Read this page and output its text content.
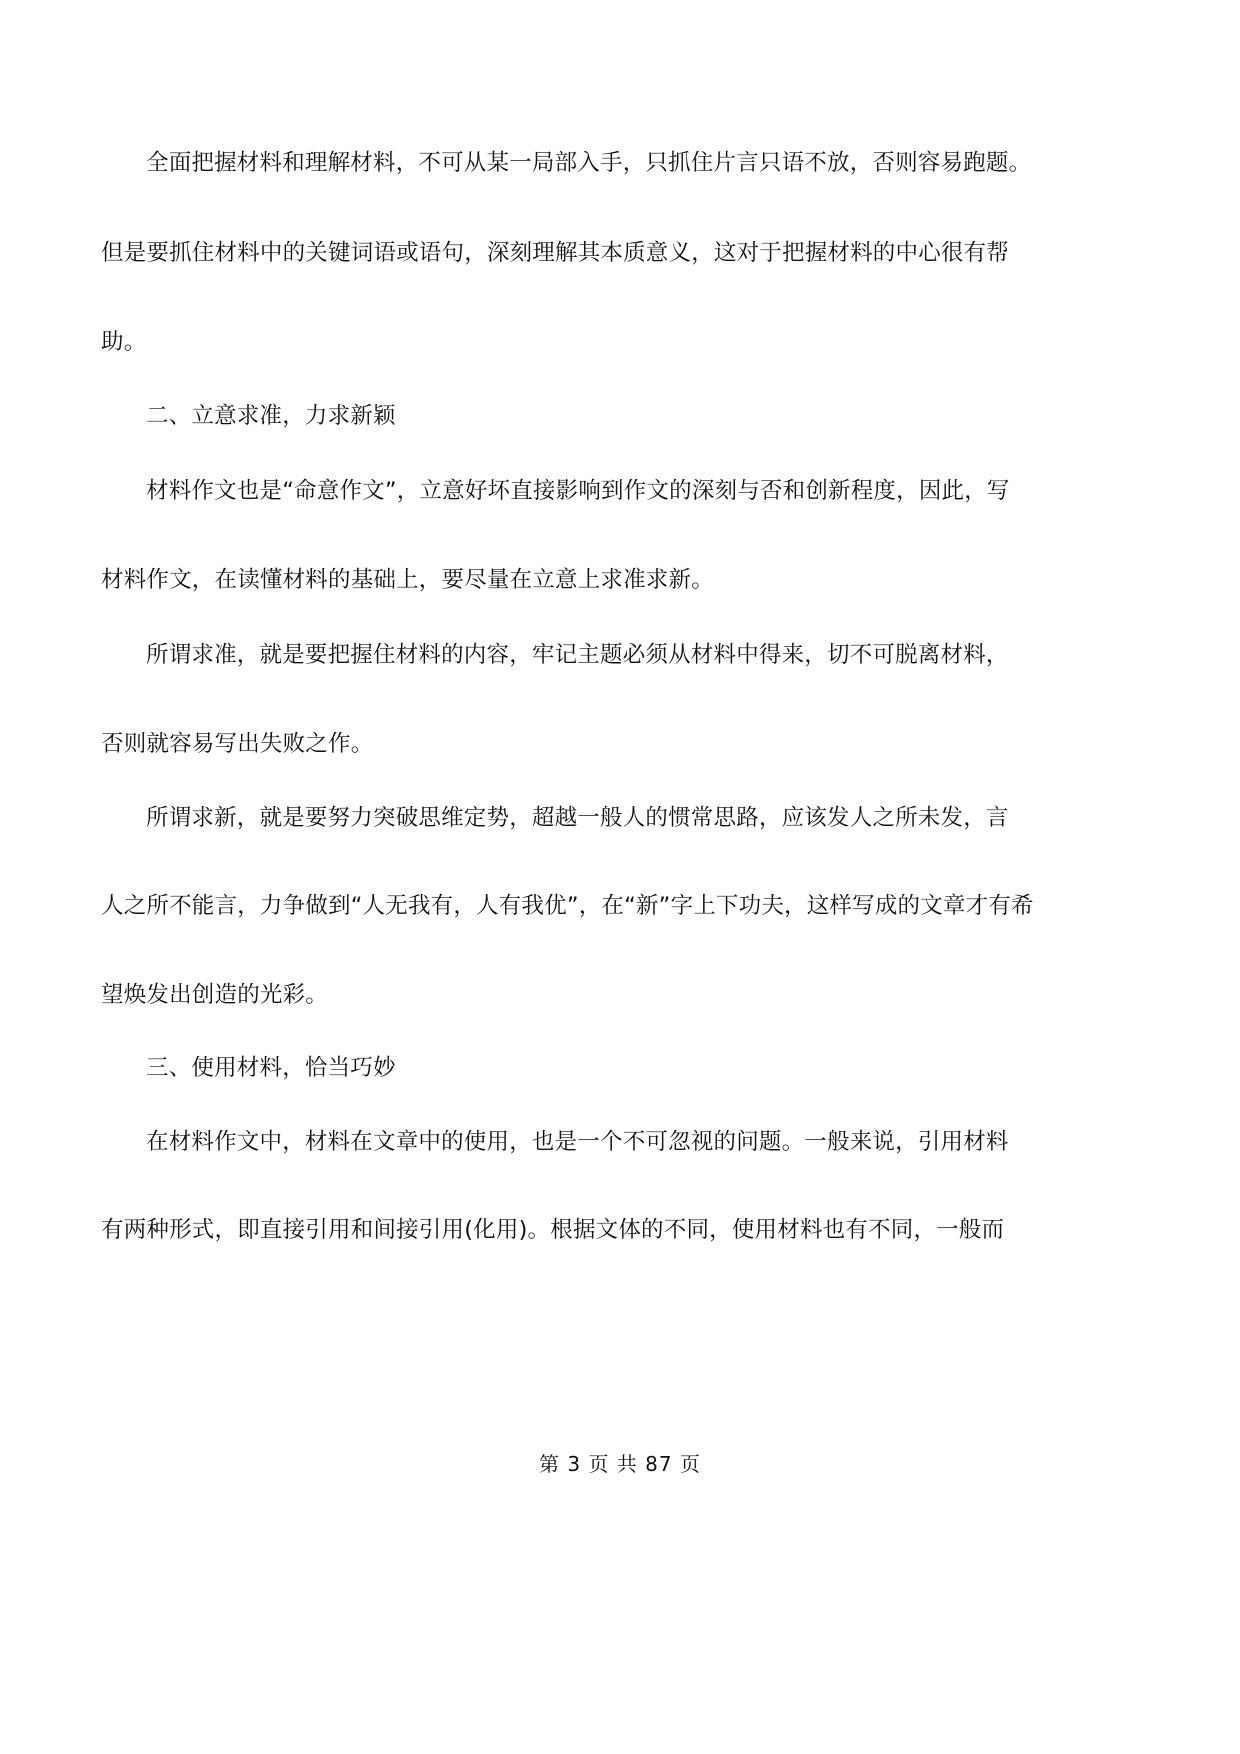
全面把握材料和理解材料，不可从某一局部入手，只抓住片言只语不放，否则容易跑题。
但是要抓住材料中的关键词语或语句，深刻理解其本质意义，这对于把握材料的中心很有帮
助。
二、立意求准，力求新颖
材料作文也是“命意作文”，立意好坏直接影响到作文的深刻与否和创新程度，因此，写
材料作文，在读懂材料的基础上，要尽量在立意上求准求新。
所谓求准，就是要把握住材料的内容，牢记主题必须从材料中得来，切不可脱离材料，
否则就容易写出失败之作。
所谓求新，就是要努力突破思维定势，超越一般人的惯常思路，应该发人之所未发，言
人之所不能言，力争做到“人无我有，人有我优”，在“新”字上下功夫，这样写成的文章才有希
望焕发出创造的光彩。
三、使用材料，恰当巧妙
在材料作文中，材料在文章中的使用，也是一个不可忽视的问题。一般来说，引用材料
有两种形式，即直接引用和间接引用(化用)。根据文体的不同，使用材料也有不同，一般而
第 3 页 共 87 页
